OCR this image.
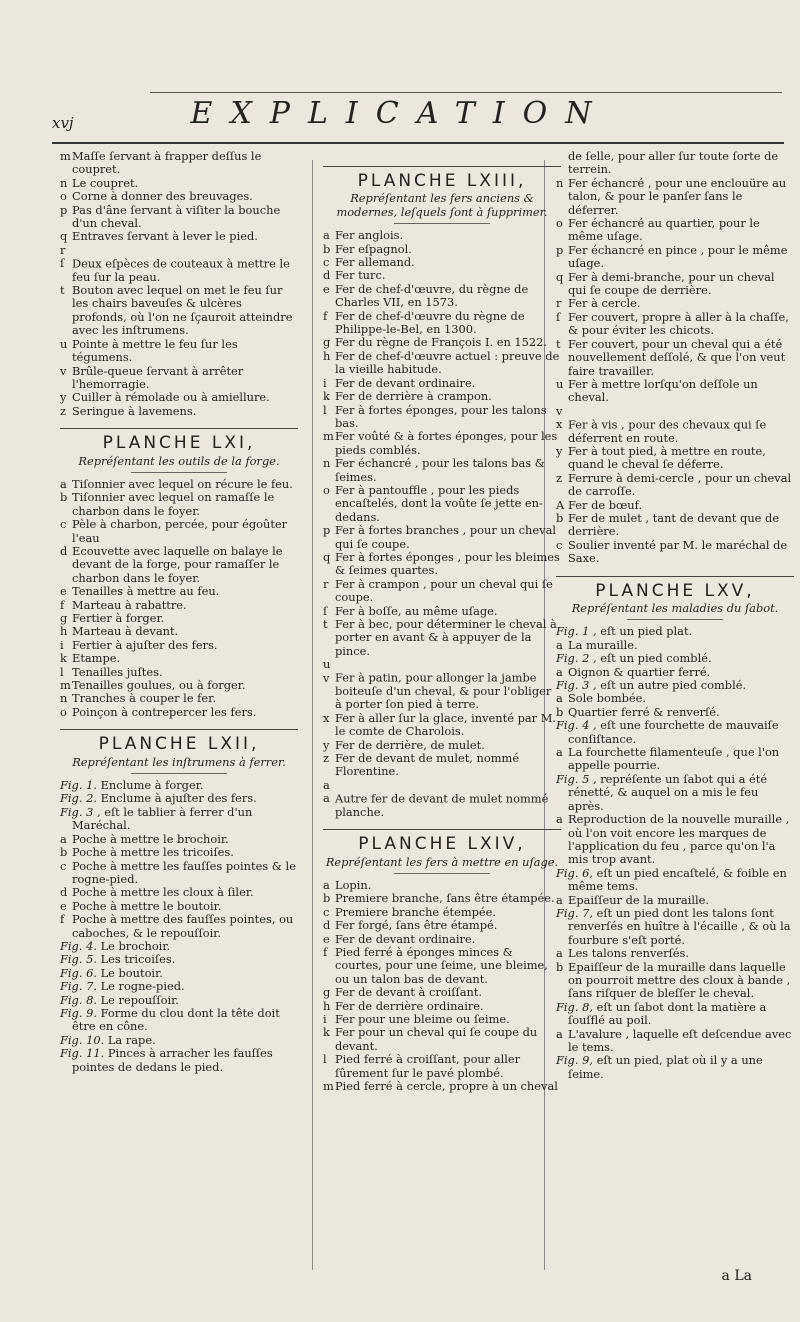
xvj	EXPLICATION

mMaſſe ſervant à frapper deſſus le coupret.

n Le coupret.

o Corne à donner des breuvages.

p Pas d'âne ſervant à viſiter la bouche d'un cheval.

q Entraves ſervant à lever le pied.

r ſ Deux eſpèces de couteaux à mettre le feu ſur la peau.

t Bouton avec lequel on met le feu ſur les chairs baveuſes & ulcères profonds, où l'on ne ſçauroit atteindre avec les inſtrumens.

u Pointe à mettre le feu ſur les tégumens.

v Brûle-queue ſervant à arrêter l'hemorragie.

y Cuiller à rémolade ou à amiellure.

z Seringue à lavemens.

PLANCHE LXI,

Repréſentant les outils de la forge.

a Tiſonnier avec lequel on récure le feu.

b Tiſonnier avec lequel on ramaſſe le charbon dans le foyer.

c Pèle à charbon, percée, pour égoûter l'eau

d Ecouvette avec laquelle on balaye le devant de la forge, pour ramaſſer le charbon dans le foyer.

e Tenailles à mettre au feu.

f Marteau à rabattre.

g Fertier à forger.

h Marteau à devant.

i Fertier à ajuſter des fers.

k Etampe.

l Tenailles juſtes.

mTenailles goulues, ou à forger.

n Tranches à couper le fer.

o Poinçon à contrepercer les fers.

PLANCHE LXII,

Repréſentant les inſtrumens à ferrer.

Fig. 1. Enclume à forger.

Fig. 2. Enclume à ajuſter des fers.

Fig. 3 , eſt le tablier à ferrer d'un Maréchal.

a Poche à mettre le brochoir.

b Poche à mettre les tricoiſes.

c Poche à mettre les fauſſes pointes & le rogne-pied.

d Poche à mettre les cloux à ſiler.

e Poche à mettre le boutoir.

f Poche à mettre des fauſſes pointes, ou caboches, & le repouſſoir.

Fig. 4. Le brochoir.

Fig. 5. Les tricoiſes.

Fig. 6. Le boutoir.

Fig. 7. Le rogne-pied.

Fig. 8. Le repouſſoir.

Fig. 9. Forme du clou dont la tête doit être en cône.

Fig. 10. La rape.

Fig. 11. Pinces à arracher les fauſſes pointes de dedans le pied.

PLANCHE LXIII,

Repréſentant les fers anciens & modernes, leſquels ſont à ſupprimer.

a Fer anglois.

b Fer eſpagnol.

c Fer allemand.

d Fer turc.

e Fer de chef-d'œuvre, du règne de Charles VII, en 1573.

f Fer de chef-d'œuvre du règne de Philippe-le-Bel, en 1300.

g Fer du règne de François I. en 1522.

h Fer de chef-d'œuvre actuel : preuve de la vieille habitude.

i Fer de devant ordinaire.

k Fer de derrière à crampon.

l Fer à fortes éponges, pour les talons bas.

mFer voûté & à fortes éponges, pour les pieds comblés.

n Fer échancré , pour les talons bas & ſeimes.

o Fer à pantouffle , pour les pieds encaſtelés, dont la voûte ſe jette en-dedans.

p Fer à fortes branches , pour un cheval qui ſe coupe.

q Fer à fortes éponges , pour les bleimes & ſeimes quartes.

r Fer à crampon , pour un cheval qui ſe coupe.

ſ Fer à boſſe, au même uſage.

t Fer à bec, pour déterminer le cheval à porter en avant & à appuyer de la pince.

u v Fer à patin, pour allonger la jambe boiteuſe d'un cheval, & pour l'obliger à porter ſon pied à terre.

x Fer à aller ſur la glace, inventé par M. le comte de Charolois.

y Fer de derrière, de mulet.

z Fer de devant de mulet, nommé Florentine.

a a Autre fer de devant de mulet nommé planche.

PLANCHE LXIV,

Repréſentant les fers à mettre en uſage.

a Lopin.

b Premiere branche, ſans être étampée.

c Premiere branche étempée.

d Fer forgé, ſans être étampé.

e Fer de devant ordinaire.

f Pied ferré à éponges minces & courtes, pour une ſeime, une bleime, ou un talon bas de devant.

g Fer de devant à croiſſant.

h Fer de derrière ordinaire.

i Fer pour une bleime ou ſeime.

k Fer pour un cheval qui ſe coupe du devant.

l Pied ferré à croiſſant, pour aller ſûrement ſur le pavé plombé.

mPied ferré à cercle, propre à un cheval

de ſelle, pour aller ſur toute ſorte de terrein.

n Fer échancré , pour une enclouüre au talon, & pour le panſer ſans le déferrer.

o Fer échancré au quartier, pour le même uſage.

p Fer échancré en pince , pour le même uſage.

q Fer à demi-branche, pour un cheval qui ſe coupe de derrière.

r Fer à cercle.

ſ Fer couvert, propre à aller à la chaſſe, & pour éviter les chicots.

t Fer couvert, pour un cheval qui a été nouvellement deſſolé, & que l'on veut faire travailler.

u Fer à mettre lorſqu'on deſſole un cheval.

v x Fer à vis , pour des chevaux qui ſe déferrent en route.

y Fer à tout pied, à mettre en route, quand le cheval ſe déferre.

z Ferrure à demi-cercle , pour un cheval de carroſſe.

A Fer de bœuf.

b Fer de mulet , tant de devant que de derrière.

c Soulier inventé par M. le maréchal de Saxe.

PLANCHE LXV,

Repréſentant les maladies du ſabot.

Fig. 1 , eſt un pied plat.

a La muraille.

Fig. 2 , eſt un pied comblé.

a Oignon & quartier ferré.

Fig. 3 , eſt un autre pied comblé.

a Sole bombée.

b Quartier ferré & renverſé.

Fig. 4 , eſt une fourchette de mauvaiſe conſiſtance.

a La fourchette filamenteuſe , que l'on appelle pourrie.

Fig. 5 , repréſente un ſabot qui a été rénetté, & auquel on a mis le feu après.

a Reproduction de la nouvelle muraille , où l'on voit encore les marques de l'application du feu , parce qu'on l'a mis trop avant.

Fig. 6, eſt un pied encaſtelé, & foible en même tems.

a Epaiſſeur de la muraille.

Fig. 7, eſt un pied dont les talons ſont renverſés en huître à l'écaille , & où la fourbure s'eſt porté.

a Les talons renverſés.

b Epaiſſeur de la muraille dans laquelle on pourroit mettre des cloux à bande , ſans riſquer de bleſſer le cheval.

Fig. 8, eſt un ſabot dont la matière a ſouſflé au poil.

a L'avalure , laquelle eſt deſcendue avec le tems.

Fig. 9, eſt un pied, plat où il y a une ſeime.

a La
